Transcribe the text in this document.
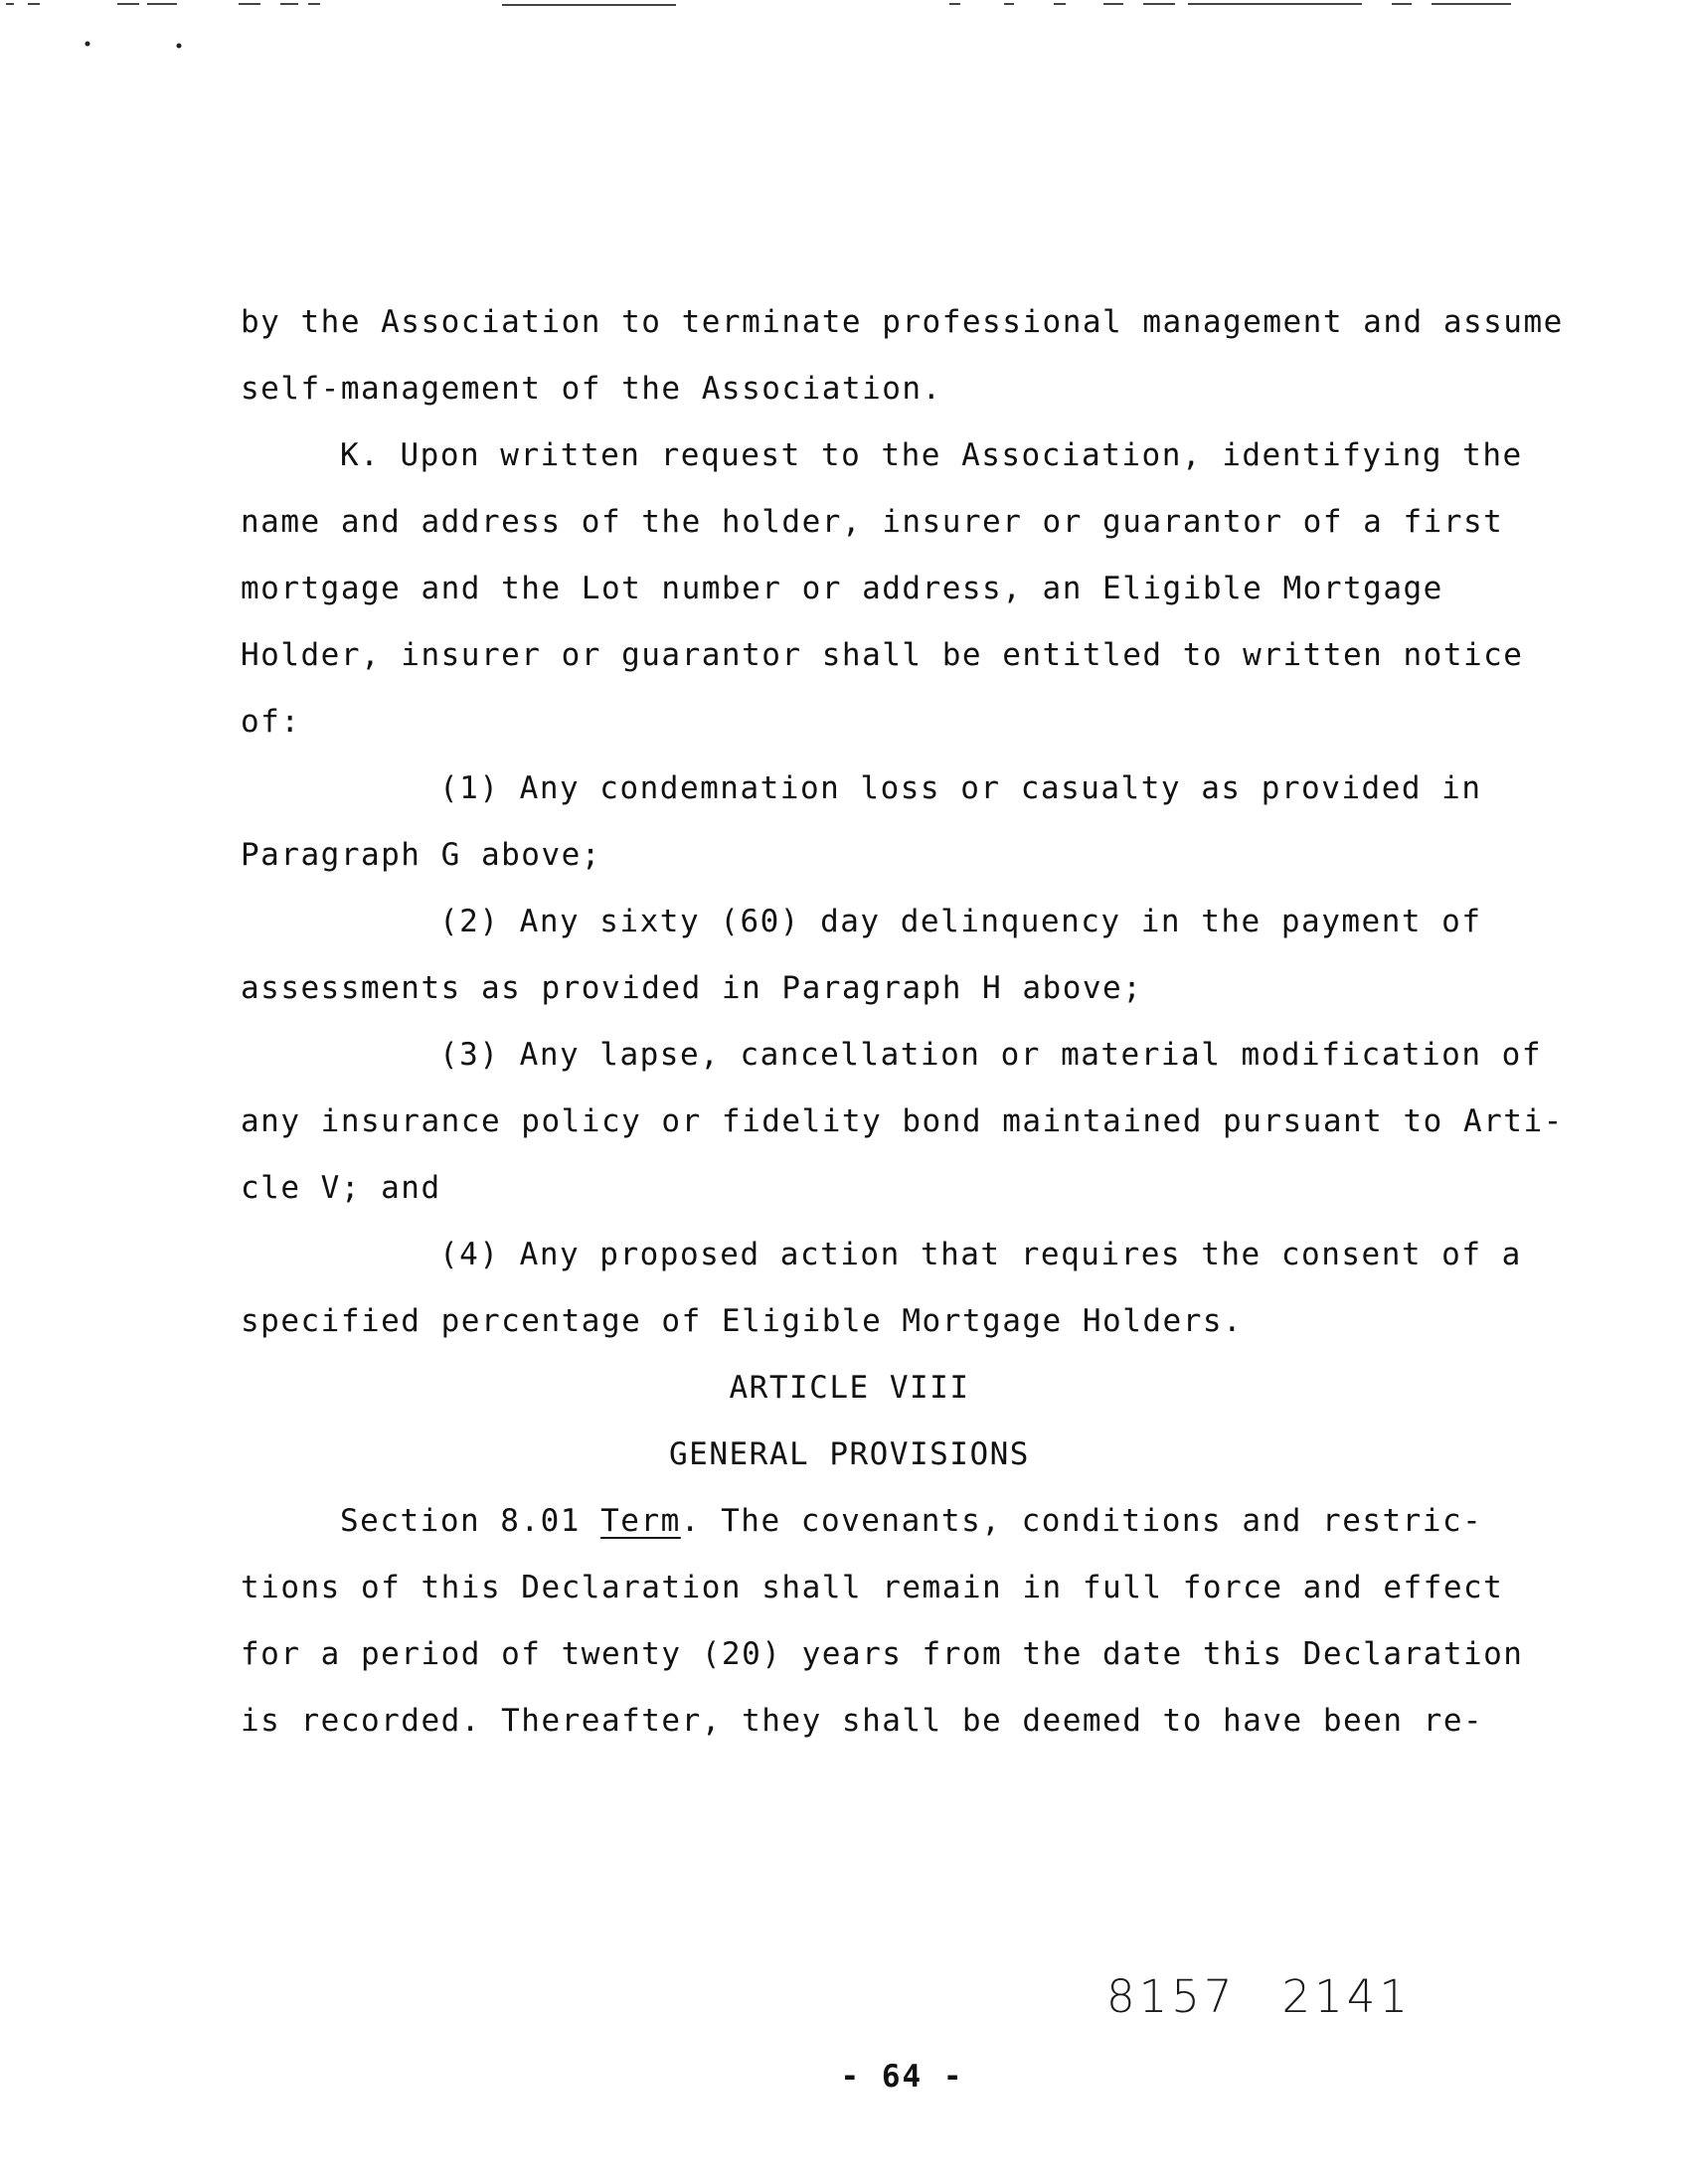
by the Association to terminate professional management and assume
self-management of the Association.
K. Upon written request to the Association, identifying the
name and address of the holder, insurer or guarantor of a first
mortgage and the Lot number or address, an Eligible Mortgage
Holder, insurer or guarantor shall be entitled to written notice
of:
(1) Any condemnation loss or casualty as provided in
Paragraph G above;
(2) Any sixty (60) day delinquency in the payment of
assessments as provided in Paragraph H above;
(3) Any lapse, cancellation or material modification of
any insurance policy or fidelity bond maintained pursuant to Arti-
cle V; and
(4) Any proposed action that requires the consent of a
specified percentage of Eligible Mortgage Holders.
ARTICLE VIII
GENERAL PROVISIONS
Section 8.01 Term. The covenants, conditions and restric-
tions of this Declaration shall remain in full force and effect
for a period of twenty (20) years from the date this Declaration
is recorded. Thereafter, they shall be deemed to have been re-
8157 2141
- 64 -
